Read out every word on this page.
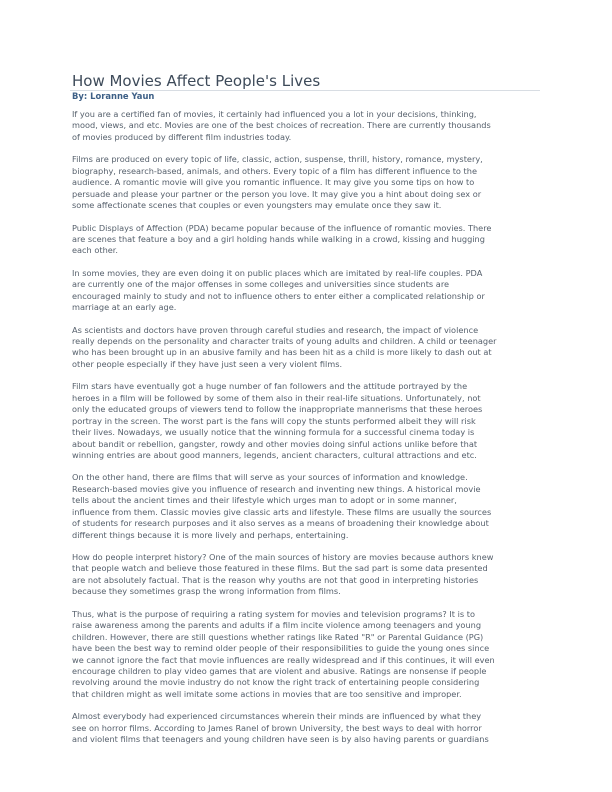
How Movies Affect People's Lives
By: Loranne Yaun
If you are a certified fan of movies, it certainly had influenced you a lot in your decisions, thinking,
mood, views, and etc. Movies are one of the best choices of recreation. There are currently thousands
of movies produced by different film industries today.
Films are produced on every topic of life, classic, action, suspense, thrill, history, romance, mystery,
biography, research-based, animals, and others. Every topic of a film has different influence to the
audience. A romantic movie will give you romantic influence. It may give you some tips on how to
persuade and please your partner or the person you love. It may give you a hint about doing sex or
some affectionate scenes that couples or even youngsters may emulate once they saw it.
Public Displays of Affection (PDA) became popular because of the influence of romantic movies. There
are scenes that feature a boy and a girl holding hands while walking in a crowd, kissing and hugging
each other.
In some movies, they are even doing it on public places which are imitated by real-life couples. PDA
are currently one of the major offenses in some colleges and universities since students are
encouraged mainly to study and not to influence others to enter either a complicated relationship or
marriage at an early age.
As scientists and doctors have proven through careful studies and research, the impact of violence
really depends on the personality and character traits of young adults and children. A child or teenager
who has been brought up in an abusive family and has been hit as a child is more likely to dash out at
other people especially if they have just seen a very violent films.
Film stars have eventually got a huge number of fan followers and the attitude portrayed by the
heroes in a film will be followed by some of them also in their real-life situations. Unfortunately, not
only the educated groups of viewers tend to follow the inappropriate mannerisms that these heroes
portray in the screen. The worst part is the fans will copy the stunts performed albeit they will risk
their lives. Nowadays, we usually notice that the winning formula for a successful cinema today is
about bandit or rebellion, gangster, rowdy and other movies doing sinful actions unlike before that
winning entries are about good manners, legends, ancient characters, cultural attractions and etc.
On the other hand, there are films that will serve as your sources of information and knowledge.
Research-based movies give you influence of research and inventing new things. A historical movie
tells about the ancient times and their lifestyle which urges man to adopt or in some manner,
influence from them. Classic movies give classic arts and lifestyle. These films are usually the sources
of students for research purposes and it also serves as a means of broadening their knowledge about
different things because it is more lively and perhaps, entertaining.
How do people interpret history? One of the main sources of history are movies because authors knew
that people watch and believe those featured in these films. But the sad part is some data presented
are not absolutely factual. That is the reason why youths are not that good in interpreting histories
because they sometimes grasp the wrong information from films.
Thus, what is the purpose of requiring a rating system for movies and television programs? It is to
raise awareness among the parents and adults if a film incite violence among teenagers and young
children. However, there are still questions whether ratings like Rated "R" or Parental Guidance (PG)
have been the best way to remind older people of their responsibilities to guide the young ones since
we cannot ignore the fact that movie influences are really widespread and if this continues, it will even
encourage children to play video games that are violent and abusive. Ratings are nonsense if people
revolving around the movie industry do not know the right track of entertaining people considering
that children might as well imitate some actions in movies that are too sensitive and improper.
Almost everybody had experienced circumstances wherein their minds are influenced by what they
see on horror films. According to James Ranel of brown University, the best ways to deal with horror
and violent films that teenagers and young children have seen is by also having parents or guardians
